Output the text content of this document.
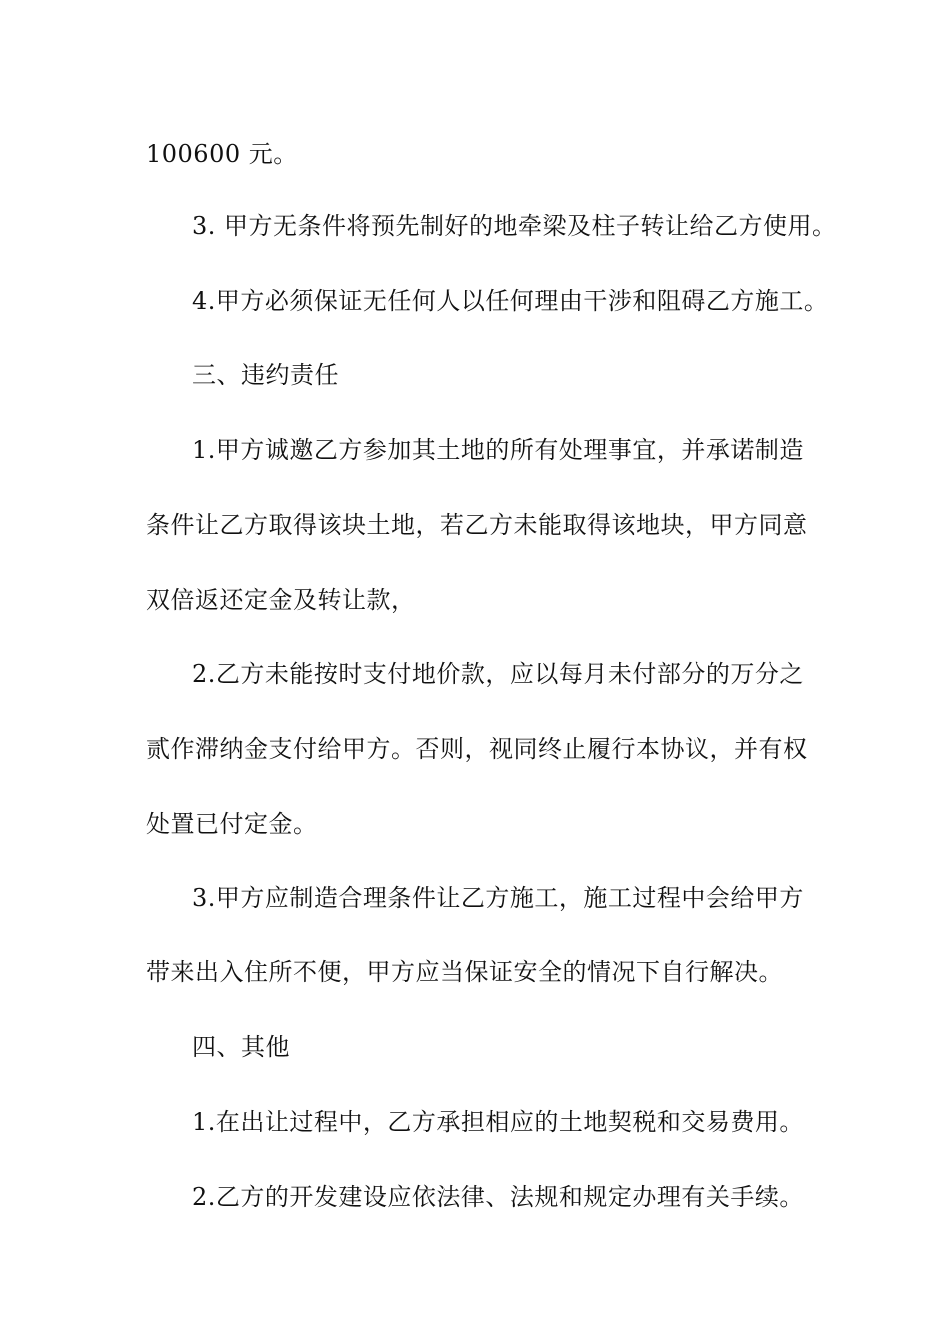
100600 元。
3. 甲方无条件将预先制好的地牵梁及柱子转让给乙方使用。
4.甲方必须保证无任何人以任何理由干涉和阻碍乙方施工。
三、违约责任
1.甲方诚邀乙方参加其土地的所有处理事宜，并承诺制造
条件让乙方取得该块土地，若乙方未能取得该地块，甲方同意
双倍返还定金及转让款，
2.乙方未能按时支付地价款，应以每月未付部分的万分之
贰作滞纳金支付给甲方。否则，视同终止履行本协议，并有权
处置已付定金。
3.甲方应制造合理条件让乙方施工，施工过程中会给甲方
带来出入住所不便，甲方应当保证安全的情况下自行解决。
四、其他
1.在出让过程中，乙方承担相应的土地契税和交易费用。
2.乙方的开发建设应依法律、法规和规定办理有关手续。
